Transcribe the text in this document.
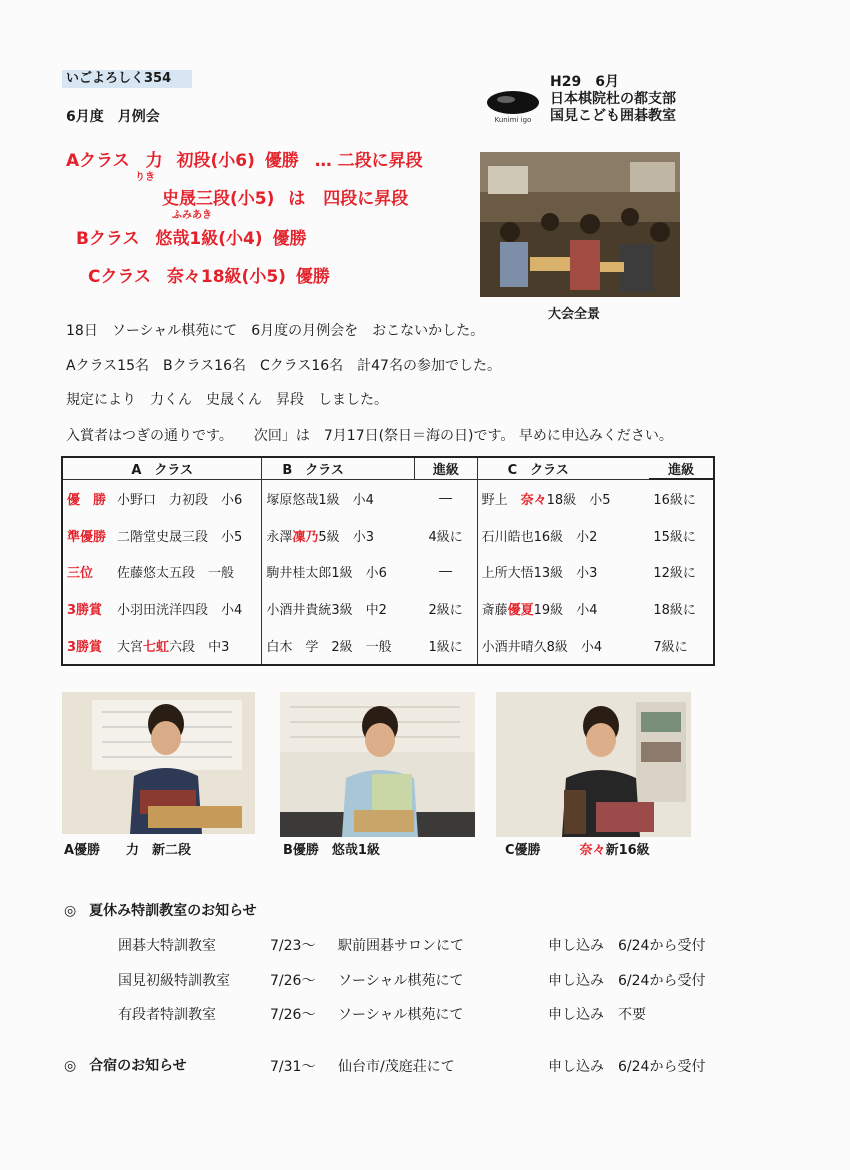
いごよろしく354
6月度　月例会	Kunimi igo
H29　6月
日本棋院杜の都支部
国見こども囲碁教室
Aクラス 力 初段(小6) 優勝 … 二段に昇段
りき
史晟三段(小5) は 四段に昇段
ふみあき
Bクラス 悠哉1級(小4) 優勝
Cクラス 奈々18級(小5) 優勝
大会全景
18日　ソーシャル棋苑にて　6月度の月例会を　おこないかした。
Aクラス15名　Bクラス16名　Cクラス16名　計47名の参加でした。
規定により　力くん　史晟くん　昇段　しました。
入賞者はつぎの通りです。　　次回」は　7月17日(祭日＝海の日)です。 早めに申込みください。
A　クラス	B　クラス	進級	C　クラス	進級
優　勝 小野口　力初段　 小6	塚原悠哉1級　 小4	―	野上　 奈々18級　 小5	16級に
準優勝 二階堂史晟三段　 小5	永澤凜乃5級　 小3	4級に	石川皓也16級　 小2	15級に
三位 佐藤悠太五段　 一般	駒井桂太郎1級　 小6	―	上所大悟13級　 小3	12級に
3勝賞 小羽田洸洋四段　 小4	小酒井貴統3級　 中2	2級に	斎藤優夏19級　 小4	18級に
3勝賞 大宮七虹六段　 中3	白木　学　2級　 一般	1級に	小酒井晴久8級　 小4	7級に
A優勝　　力　新二段	B優勝　悠哉1級	C優勝　　　奈々新16級
◎ 夏休み特訓教室のお知らせ
囲碁大特訓教室	7/23～ 駅前囲碁サロンにて	申し込み　6/24から受付
国見初級特訓教室	7/26～ ソーシャル棋苑にて	申し込み　6/24から受付
有段者特訓教室	7/26～ ソーシャル棋苑にて	申し込み　不要
◎ 合宿のお知らせ	7/31～ 仙台市/茂庭荘にて	申し込み　6/24から受付
